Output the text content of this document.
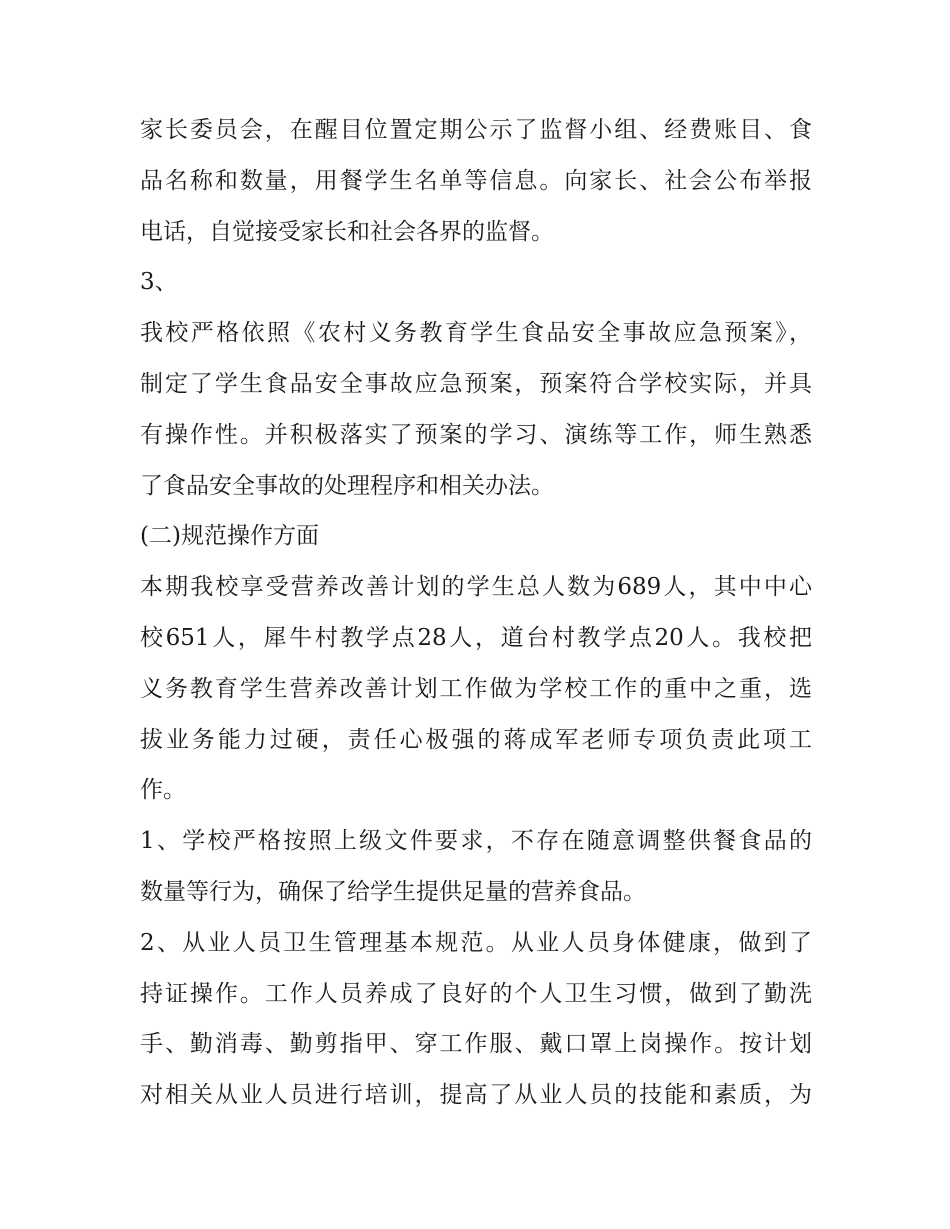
家长委员会，在醒目位置定期公示了监督小组、经费账目、食
品名称和数量，用餐学生名单等信息。向家长、社会公布举报
电话，自觉接受家长和社会各界的监督。
3、
我校严格依照《农村义务教育学生食品安全事故应急预案》，
制定了学生食品安全事故应急预案，预案符合学校实际，并具
有操作性。并积极落实了预案的学习、演练等工作，师生熟悉
了食品安全事故的处理程序和相关办法。
(二)规范操作方面
本期我校享受营养改善计划的学生总人数为689人，其中中心
校651人，犀牛村教学点28人，道台村教学点20人。我校把
义务教育学生营养改善计划工作做为学校工作的重中之重，选
拔业务能力过硬，责任心极强的蒋成军老师专项负责此项工
作。
1、学校严格按照上级文件要求，不存在随意调整供餐食品的
数量等行为，确保了给学生提供足量的营养食品。
2、从业人员卫生管理基本规范。从业人员身体健康，做到了
持证操作。工作人员养成了良好的个人卫生习惯，做到了勤洗
手、勤消毒、勤剪指甲、穿工作服、戴口罩上岗操作。按计划
对相关从业人员进行培训，提高了从业人员的技能和素质，为
